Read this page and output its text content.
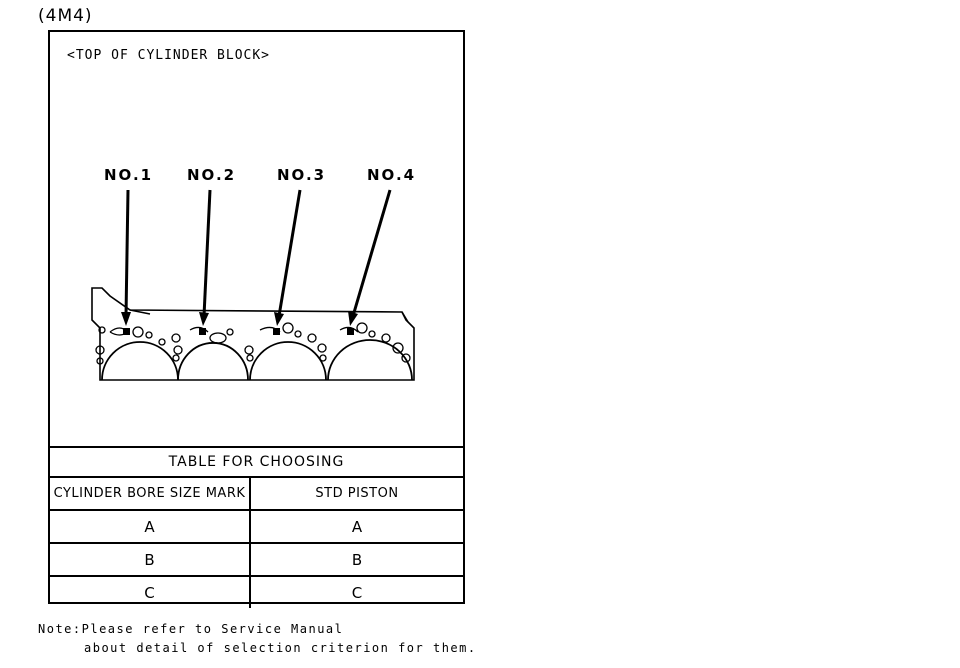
(4M4)
<TOP OF CYLINDER BLOCK>
NO.1 NO.2	NO.3	NO.4
TABLE FOR CHOOSING	
CYLINDER BORE SIZE MARK	STD PISTON
A	A
B	B
C	C
Note:Please refer to Service Manual
about detail of selection criterion for them.
